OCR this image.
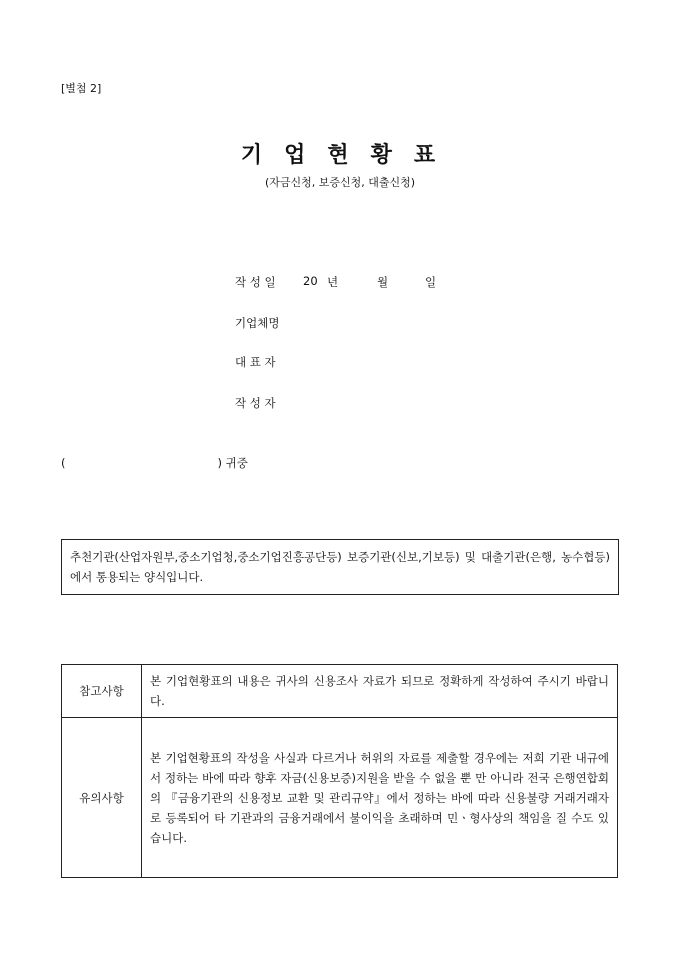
[별첨 2]
기업현황표
(자금신청, 보증신청, 대출신청)
작 성 일	20 년	월	일
기업체명
대 표 자
작 성 자
(	) 귀중
추천기관(산업자원부,중소기업청,중소기업진흥공단등) 보증기관(신보,기보등) 및 대출기관(은행, 농수협등)에서 통용되는 양식입니다.
참고사항	본 기업현황표의 내용은 귀사의 신용조사 자료가 되므로 정확하게 작성하여 주시기 바랍니다.
유의사항	본 기업현황표의 작성을 사실과 다르거나 허위의 자료를 제출할 경우에는 저희 기관 내규에서 정하는 바에 따라 향후 자금(신용보증)지원을 받을 수 없을 뿐 만 아니라 전국 은행연합회의 『금융기관의 신용정보 교환 및 관리규약』에서 정하는 바에 따라 신용불량 거래거래자로 등록되어 타 기관과의 금융거래에서 불이익을 초래하며 민ㆍ형사상의 책임을 질 수도 있습니다.
